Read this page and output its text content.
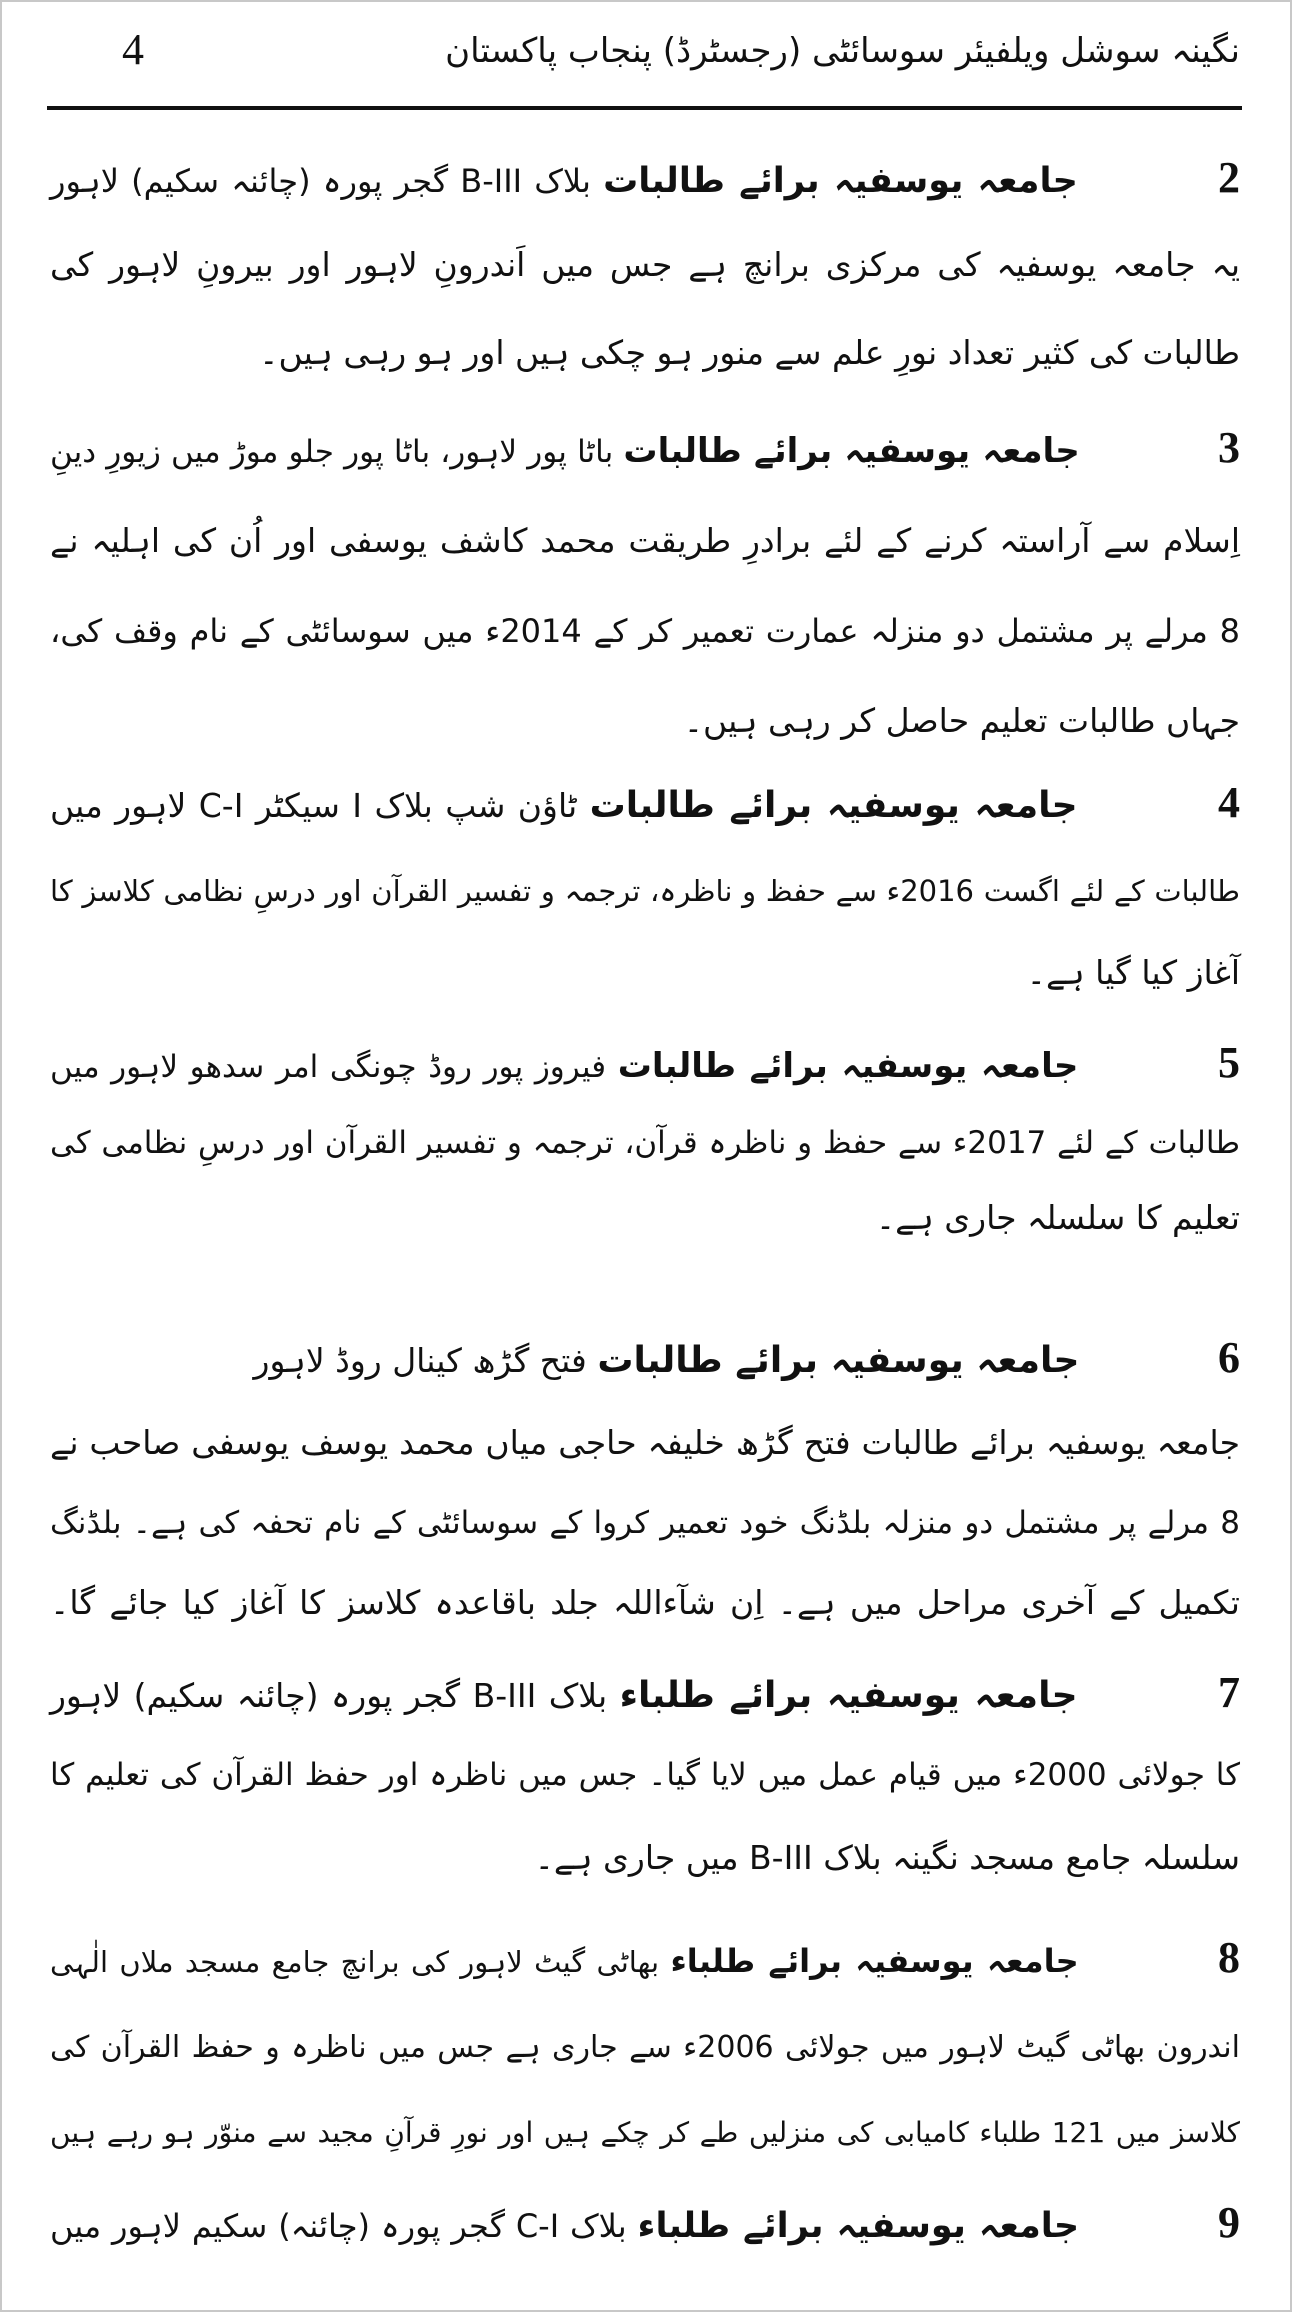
نگینہ سوشل ویلفیئر سوسائٹی (رجسٹرڈ) پنجاب پاکستان
4
2 جامعہ یوسفیہ برائے طالبات بلاک B-III گجر پورہ (چائنہ سکیم) لاہور
یہ جامعہ یوسفیہ کی مرکزی برانچ ہے جس میں اَندرونِ لاہور اور بیرونِ لاہور کی
طالبات کی کثیر تعداد نورِ علم سے منور ہو چکی ہیں اور ہو رہی ہیں۔
3 جامعہ یوسفیہ برائے طالبات باٹا پور لاہور، باٹا پور جلو موڑ میں زیورِ دینِ
اِسلام سے آراستہ کرنے کے لئے برادرِ طریقت محمد کاشف یوسفی اور اُن کی اہلیہ نے
8 مرلے پر مشتمل دو منزلہ عمارت تعمیر کر کے 2014ء میں سوسائٹی کے نام وقف کی،
جہاں طالبات تعلیم حاصل کر رہی ہیں۔
4 جامعہ یوسفیہ برائے طالبات ٹاؤن شپ بلاک I سیکٹر C-I لاہور میں
طالبات کے لئے اگست 2016ء سے حفظ و ناظرہ، ترجمہ و تفسیر القرآن اور درسِ نظامی کلاسز کا
آغاز کیا گیا ہے۔
5 جامعہ یوسفیہ برائے طالبات فیروز پور روڈ چونگی امر سدھو لاہور میں
طالبات کے لئے 2017ء سے حفظ و ناظرہ قرآن، ترجمہ و تفسیر القرآن اور درسِ نظامی کی
تعلیم کا سلسلہ جاری ہے۔
6 جامعہ یوسفیہ برائے طالبات فتح گڑھ کینال روڈ لاہور
جامعہ یوسفیہ برائے طالبات فتح گڑھ خلیفہ حاجی میاں محمد یوسف یوسفی صاحب نے
8 مرلے پر مشتمل دو منزلہ بلڈنگ خود تعمیر کروا کے سوسائٹی کے نام تحفہ کی ہے۔ بلڈنگ
تکمیل کے آخری مراحل میں ہے۔ اِن شآءاللہ جلد باقاعدہ کلاسز کا آغاز کیا جائے گا۔
7 جامعہ یوسفیہ برائے طلباء بلاک B-III گجر پورہ (چائنہ سکیم) لاہور
کا جولائی 2000ء میں قیام عمل میں لایا گیا۔ جس میں ناظرہ اور حفظ القرآن کی تعلیم کا
سلسلہ جامع مسجد نگینہ بلاک B-III میں جاری ہے۔
8 جامعہ یوسفیہ برائے طلباء بھاٹی گیٹ لاہور کی برانچ جامع مسجد ملاں الٰہی
اندرون بھاٹی گیٹ لاہور میں جولائی 2006ء سے جاری ہے جس میں ناظرہ و حفظ القرآن کی
کلاسز میں 121 طلباء کامیابی کی منزلیں طے کر چکے ہیں اور نورِ قرآنِ مجید سے منوّر ہو رہے ہیں
9 جامعہ یوسفیہ برائے طلباء بلاک C-I گجر پورہ (چائنہ) سکیم لاہور میں
